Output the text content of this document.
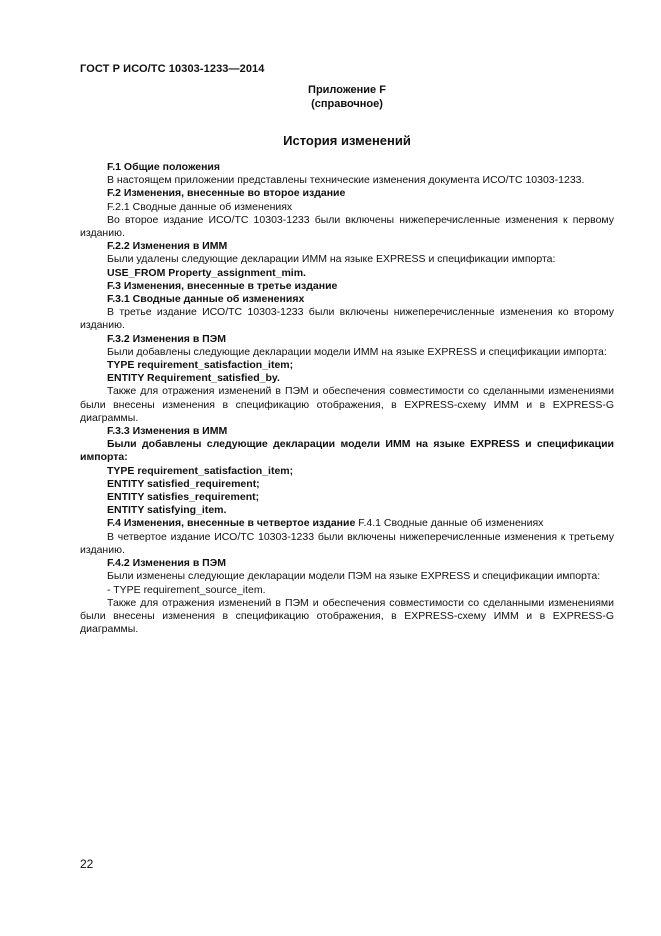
ГОСТ Р ИСО/ТС 10303-1233—2014
Приложение F
(справочное)
История изменений

F.1 Общие положения

В настоящем приложении представлены технические изменения документа ИСО/ТС 10303-1233.

F.2 Изменения, внесенные во второе издание

F.2.1 Сводные данные об изменениях

Во второе издание ИСО/ТС 10303-1233 были включены нижеперечисленные изменения к первому изданию.

F.2.2 Изменения в ИММ

Были удалены следующие декларации ИММ на языке EXPRESS и спецификации импорта:

USE_FROM Property_assignment_mim.

F.3 Изменения, внесенные в третье издание

F.3.1 Сводные данные об изменениях

В третье издание ИСО/ТС 10303-1233 были включены нижеперечисленные изменения ко второму изданию.

F.3.2 Изменения в ПЭМ

Были добавлены следующие декларации модели ИММ на языке EXPRESS и спецификации импорта:

TYPE requirement_satisfaction_item;

ENTITY Requirement_satisfied_by.

Также для отражения изменений в ПЭМ и обеспечения совместимости со сделанными изменениями были внесены изменения в спецификацию отображения, в EXPRESS-схему ИММ и в EXPRESS-G диаграммы.

F.3.3 Изменения в ИММ

Были добавлены следующие декларации модели ИММ на языке EXPRESS и спецификации импорта:

TYPE requirement_satisfaction_item;

ENTITY satisfied_requirement;

ENTITY satisfies_requirement;

ENTITY satisfying_item.

F.4 Изменения, внесенные в четвертое издание F.4.1 Сводные данные об изменениях

В четвертое издание ИСО/ТС 10303-1233 были включены нижеперечисленные изменения к третьему изданию.

F.4.2 Изменения в ПЭМ

Были изменены следующие декларации модели ПЭМ на языке EXPRESS и спецификации импорта:

- TYPE requirement_source_item.

Также для отражения изменений в ПЭМ и обеспечения совместимости со сделанными изменениями были внесены изменения в спецификацию отображения, в EXPRESS-схему ИММ и в EXPRESS-G диаграммы.

22
